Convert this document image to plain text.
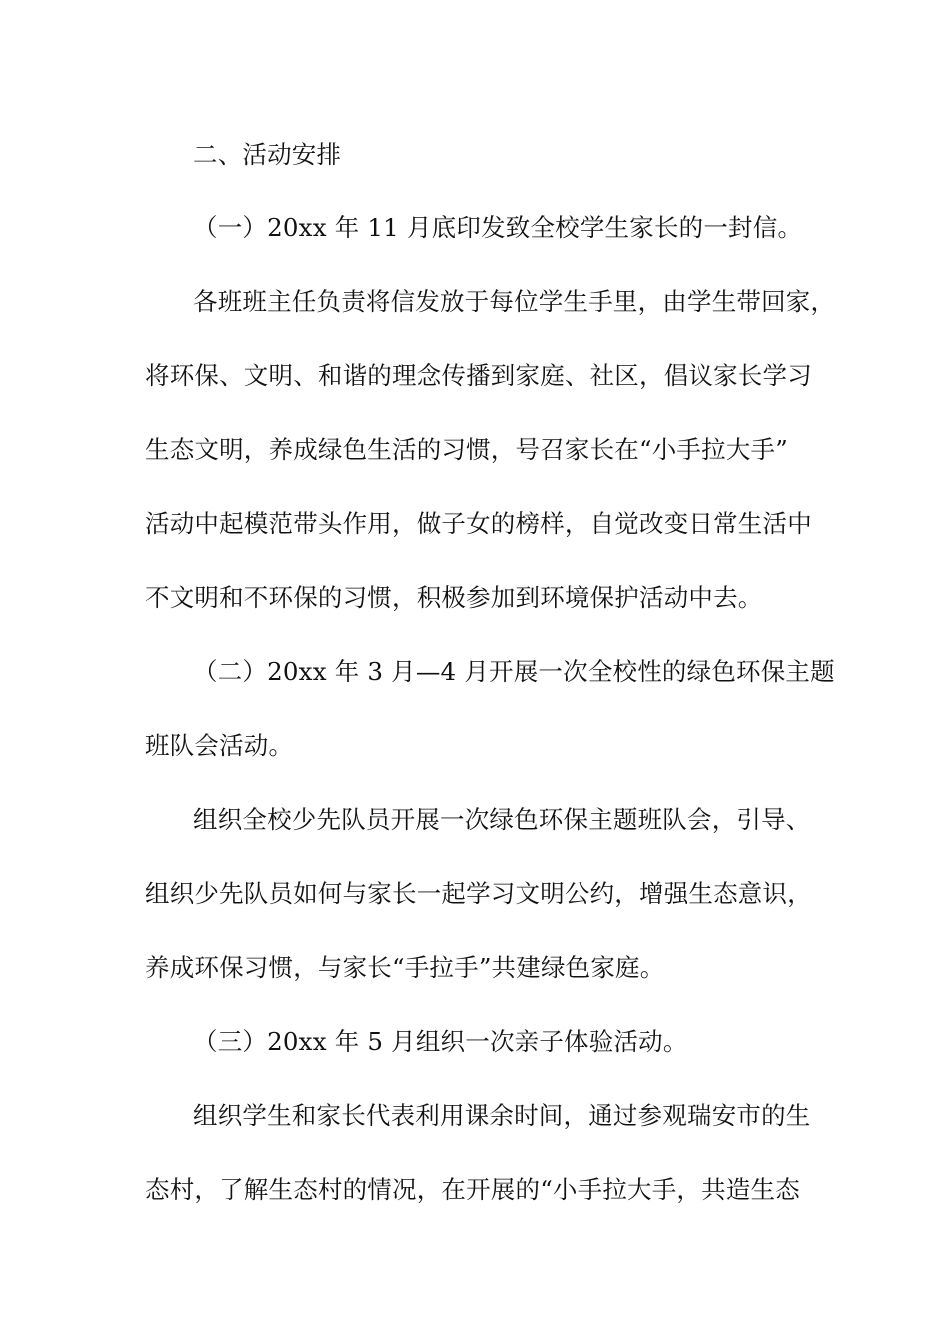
二、活动安排
（一）20xx 年 11 月底印发致全校学生家长的一封信。
各班班主任负责将信发放于每位学生手里，由学生带回家，
将环保、文明、和谐的理念传播到家庭、社区，倡议家长学习
生态文明，养成绿色生活的习惯，号召家长在“小手拉大手”
活动中起模范带头作用，做子女的榜样，自觉改变日常生活中
不文明和不环保的习惯，积极参加到环境保护活动中去。
（二）20xx 年 3 月—4 月开展一次全校性的绿色环保主题
班队会活动。
组织全校少先队员开展一次绿色环保主题班队会，引导、
组织少先队员如何与家长一起学习文明公约，增强生态意识，
养成环保习惯，与家长“手拉手”共建绿色家庭。
（三）20xx 年 5 月组织一次亲子体验活动。
组织学生和家长代表利用课余时间，通过参观瑞安市的生
态村，了解生态村的情况，在开展的“小手拉大手，共造生态
